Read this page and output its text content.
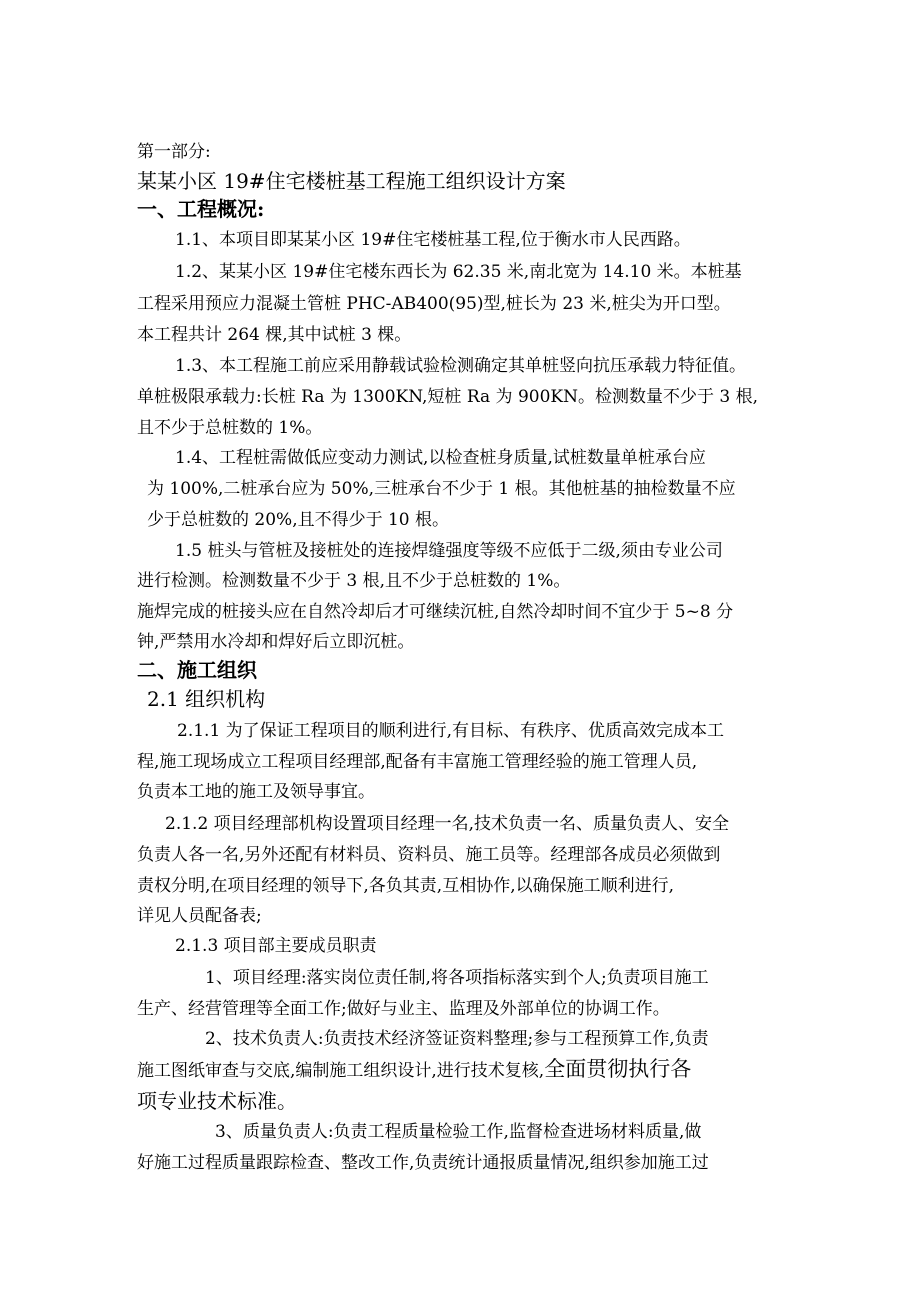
第一部分:
某某小区 19#住宅楼桩基工程施工组织设计方案
一、工程概况:
1.1、本项目即某某小区 19#住宅楼桩基工程,位于衡水市人民西路。
1.2、某某小区 19#住宅楼东西长为 62.35 米,南北宽为 14.10 米。本桩基
工程采用预应力混凝土管桩 PHC-AB400(95)型,桩长为 23 米,桩尖为开口型。
本工程共计 264 棵,其中试桩 3 棵。
1.3、本工程施工前应采用静载试验检测确定其单桩竖向抗压承载力特征值。
单桩极限承载力:长桩 Ra 为 1300KN,短桩 Ra 为 900KN。检测数量不少于 3 根,
且不少于总桩数的 1%。
1.4、工程桩需做低应变动力测试,以检查桩身质量,试桩数量单桩承台应
为 100%,二桩承台应为 50%,三桩承台不少于 1 根。其他桩基的抽检数量不应
少于总桩数的 20%,且不得少于 10 根。
1.5 桩头与管桩及接桩处的连接焊缝强度等级不应低于二级,须由专业公司
进行检测。检测数量不少于 3 根,且不少于总桩数的 1%。
施焊完成的桩接头应在自然冷却后才可继续沉桩,自然冷却时间不宜少于 5~8 分
钟,严禁用水冷却和焊好后立即沉桩。
二、施工组织
2.1 组织机构
2.1.1 为了保证工程项目的顺利进行,有目标、有秩序、优质高效完成本工
程,施工现场成立工程项目经理部,配备有丰富施工管理经验的施工管理人员,
负责本工地的施工及领导事宜。
2.1.2 项目经理部机构设置项目经理一名,技术负责一名、质量负责人、安全
负责人各一名,另外还配有材料员、资料员、施工员等。经理部各成员必须做到
责权分明,在项目经理的领导下,各负其责,互相协作,以确保施工顺利进行,
详见人员配备表;
2.1.3 项目部主要成员职责
1、项目经理:落实岗位责任制,将各项指标落实到个人;负责项目施工
生产、经营管理等全面工作;做好与业主、监理及外部单位的协调工作。
2、技术负责人:负责技术经济签证资料整理;参与工程预算工作,负责
施工图纸审查与交底,编制施工组织设计,进行技术复核,全面贯彻执行各
项专业技术标准。
3、质量负责人:负责工程质量检验工作,监督检查进场材料质量,做
好施工过程质量跟踪检查、整改工作,负责统计通报质量情况,组织参加施工过
